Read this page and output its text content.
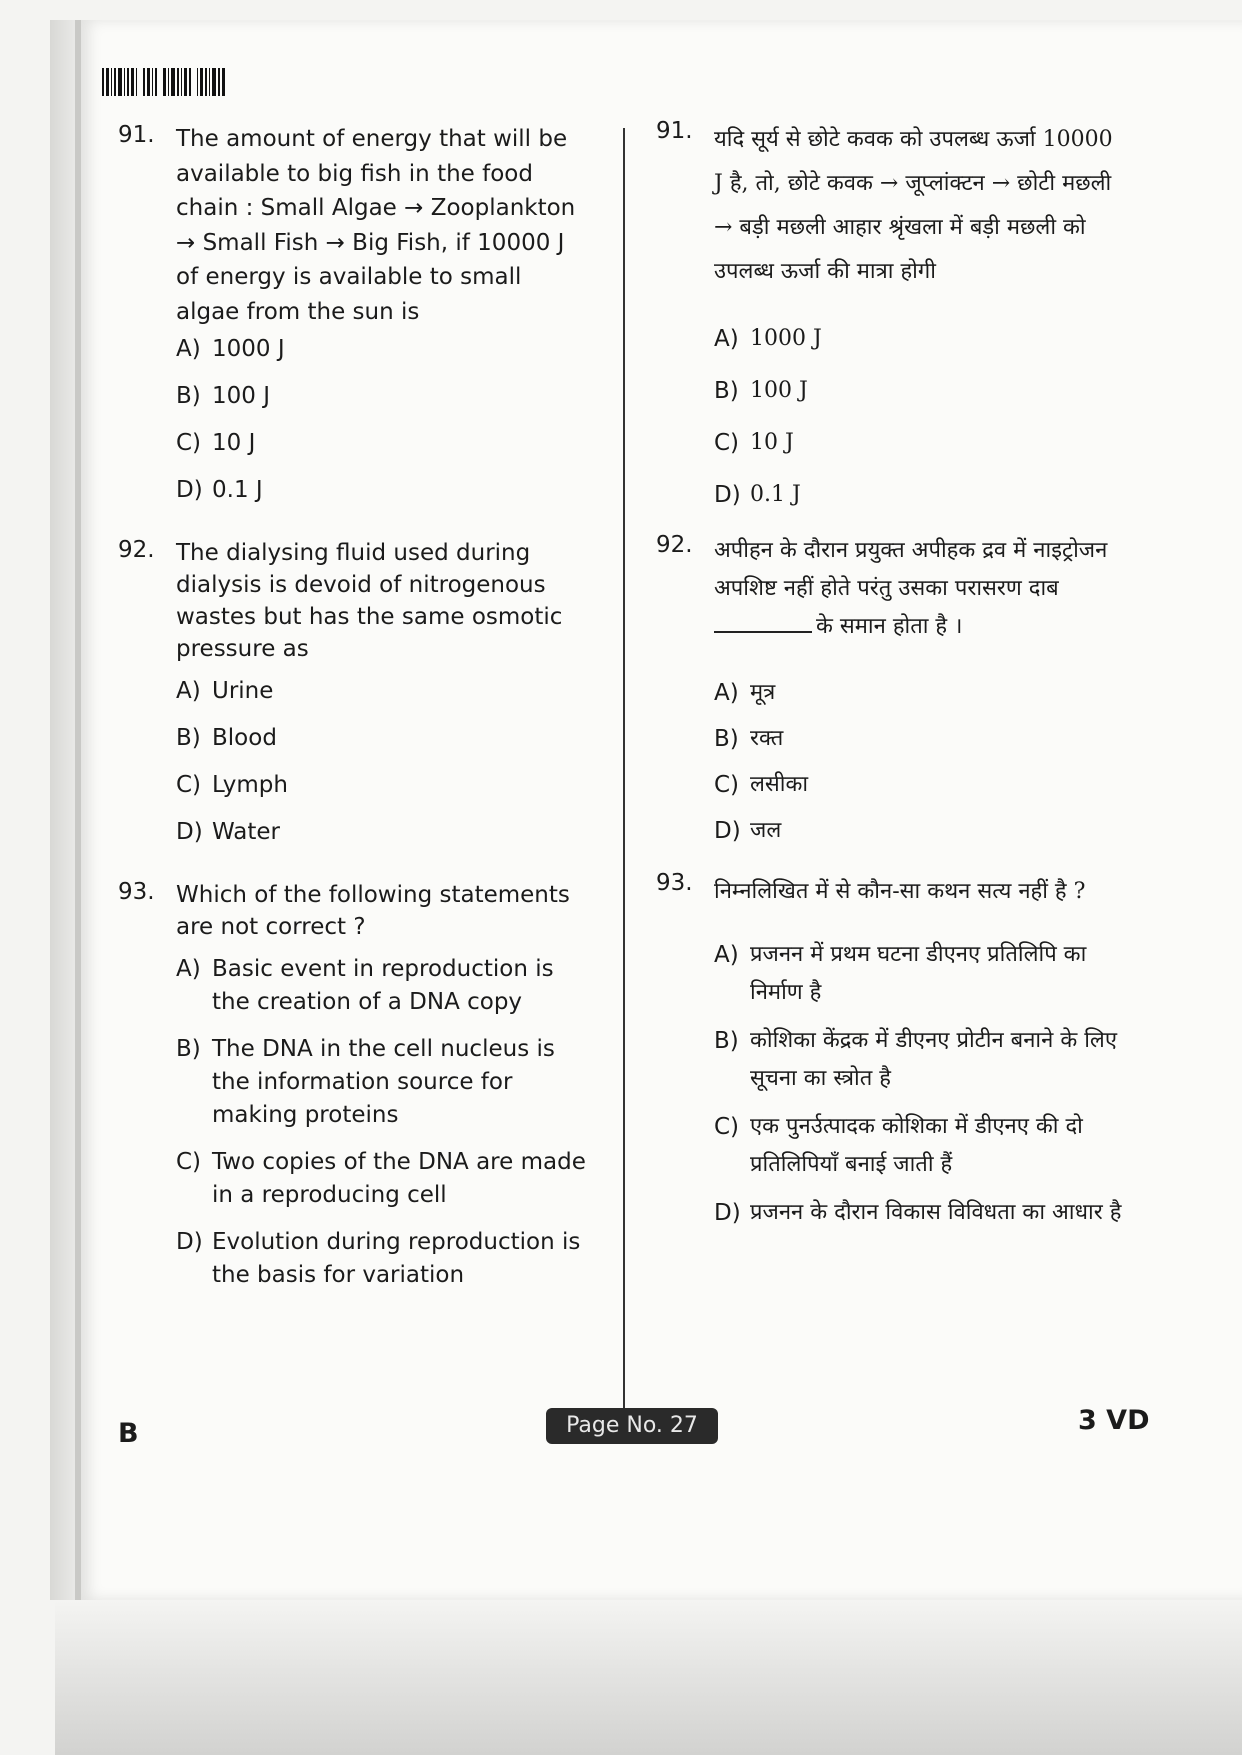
91. The amount of energy that will be available to big fish in the food chain : Small Algae → Zooplankton → Small Fish → Big Fish, if 10000 J of energy is available to small algae from the sun is
A) 1000 J
B) 100 J
C) 10 J
D) 0.1 J
92. The dialysing fluid used during dialysis is devoid of nitrogenous wastes but has the same osmotic pressure as
A) Urine
B) Blood
C) Lymph
D) Water
93. Which of the following statements are not correct ?
A) Basic event in reproduction is the creation of a DNA copy
B) The DNA in the cell nucleus is the information source for making proteins
C) Two copies of the DNA are made in a reproducing cell
D) Evolution during reproduction is the basis for variation
91. यदि सूर्य से छोटे कवक को उपलब्ध ऊर्जा 10000 J है, तो, छोटे कवक → जूप्लांक्टन → छोटी मछली → बड़ी मछली आहार श्रृंखला में बड़ी मछली को उपलब्ध ऊर्जा की मात्रा होगी
A) 1000 J
B) 100 J
C) 10 J
D) 0.1 J
92. अपीहन के दौरान प्रयुक्त अपीहक द्रव में नाइट्रोजन अपशिष्ट नहीं होते परंतु उसका परासरण दाब
के समान होता है ।
A) मूत्र
B) रक्त
C) लसीका
D) जल
93. निम्नलिखित में से कौन-सा कथन सत्य नहीं है ?
A) प्रजनन में प्रथम घटना डीएनए प्रतिलिपि का निर्माण है
B) कोशिका केंद्रक में डीएनए प्रोटीन बनाने के लिए सूचना का स्त्रोत है
C) एक पुनर्उत्पादक कोशिका में डीएनए की दो प्रतिलिपियाँ बनाई जाती हैं
D) प्रजनन के दौरान विकास विविधता का आधार है
B	Page No. 27	3 VD
